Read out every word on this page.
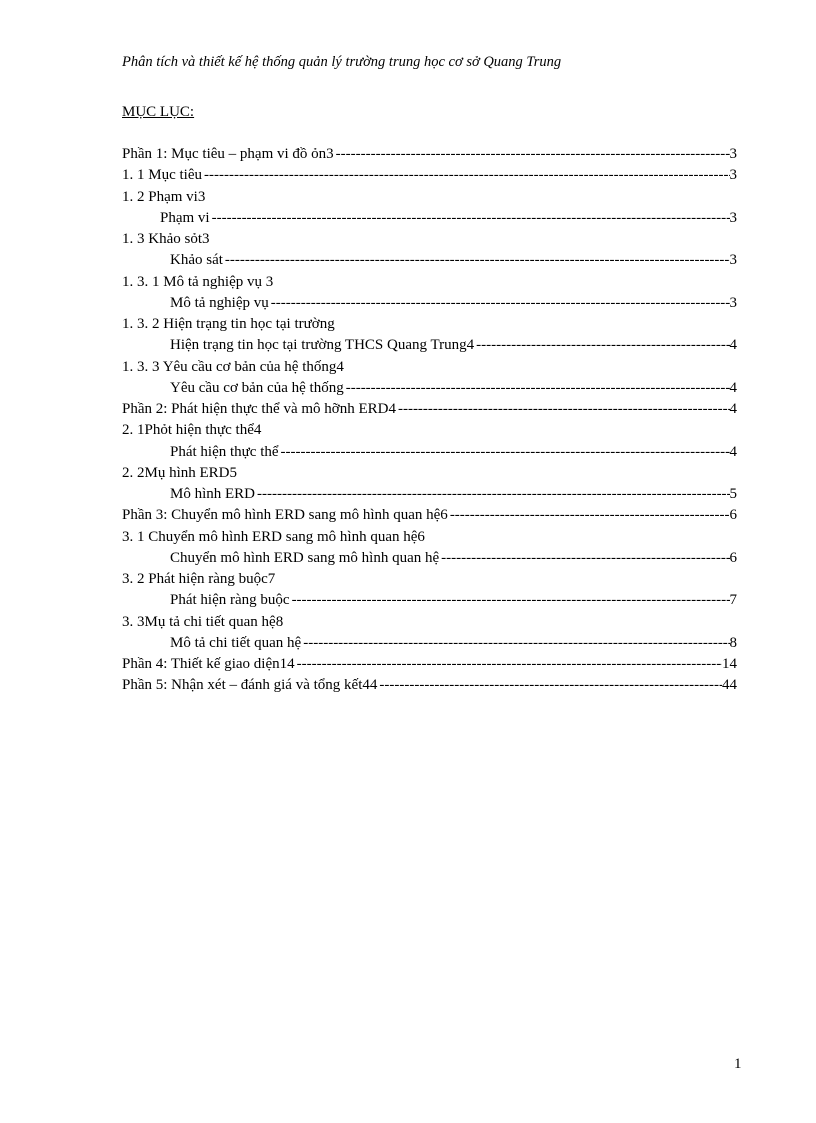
Phân tích và thiết kế hệ thống quản lý trường trung học cơ sở Quang Trung
MỤC LỤC:
Phần 1: Mục tiêu – phạm vi đồ ỏn3 -----	3
1. 1 Mục tiêu -----	3
1. 2 Phạm vi3
Phạm vi -----	3
1. 3 Khảo sỏt3
Khảo sát -----	3
1. 3. 1 Mô tả nghiệp vụ 3
Mô tả nghiệp vụ -----	3
1. 3. 2 Hiện trạng tin học tại trường
Hiện trạng tin học tại trường THCS Quang Trung4 -----	4
1. 3. 3 Yêu cầu cơ bản của hệ thống4
Yêu cầu cơ bản của hệ thống -----	4
Phần 2: Phát hiện thực thể và mô hỡnh ERD4 -----	4
2. 1Phỏt hiện thực thể4
Phát hiện thực thể -----	4
2. 2Mụ hình ERD5
Mô hình ERD -----	5
Phần 3: Chuyển mô hình ERD sang mô hình quan hệ6 -----	6
3. 1 Chuyển mô hình ERD sang mô hình quan hệ6
Chuyển mô hình ERD sang mô hình quan hệ -----	6
3. 2 Phát hiện ràng buộc7
Phát hiện ràng buộc -----	7
3. 3Mụ tả chi tiết quan hệ8
Mô tả chi tiết quan hệ -----	8
Phần 4: Thiết kế giao diện14 -----	14
Phần 5: Nhận xét – đánh giá và tổng kết44 -----	44
1
